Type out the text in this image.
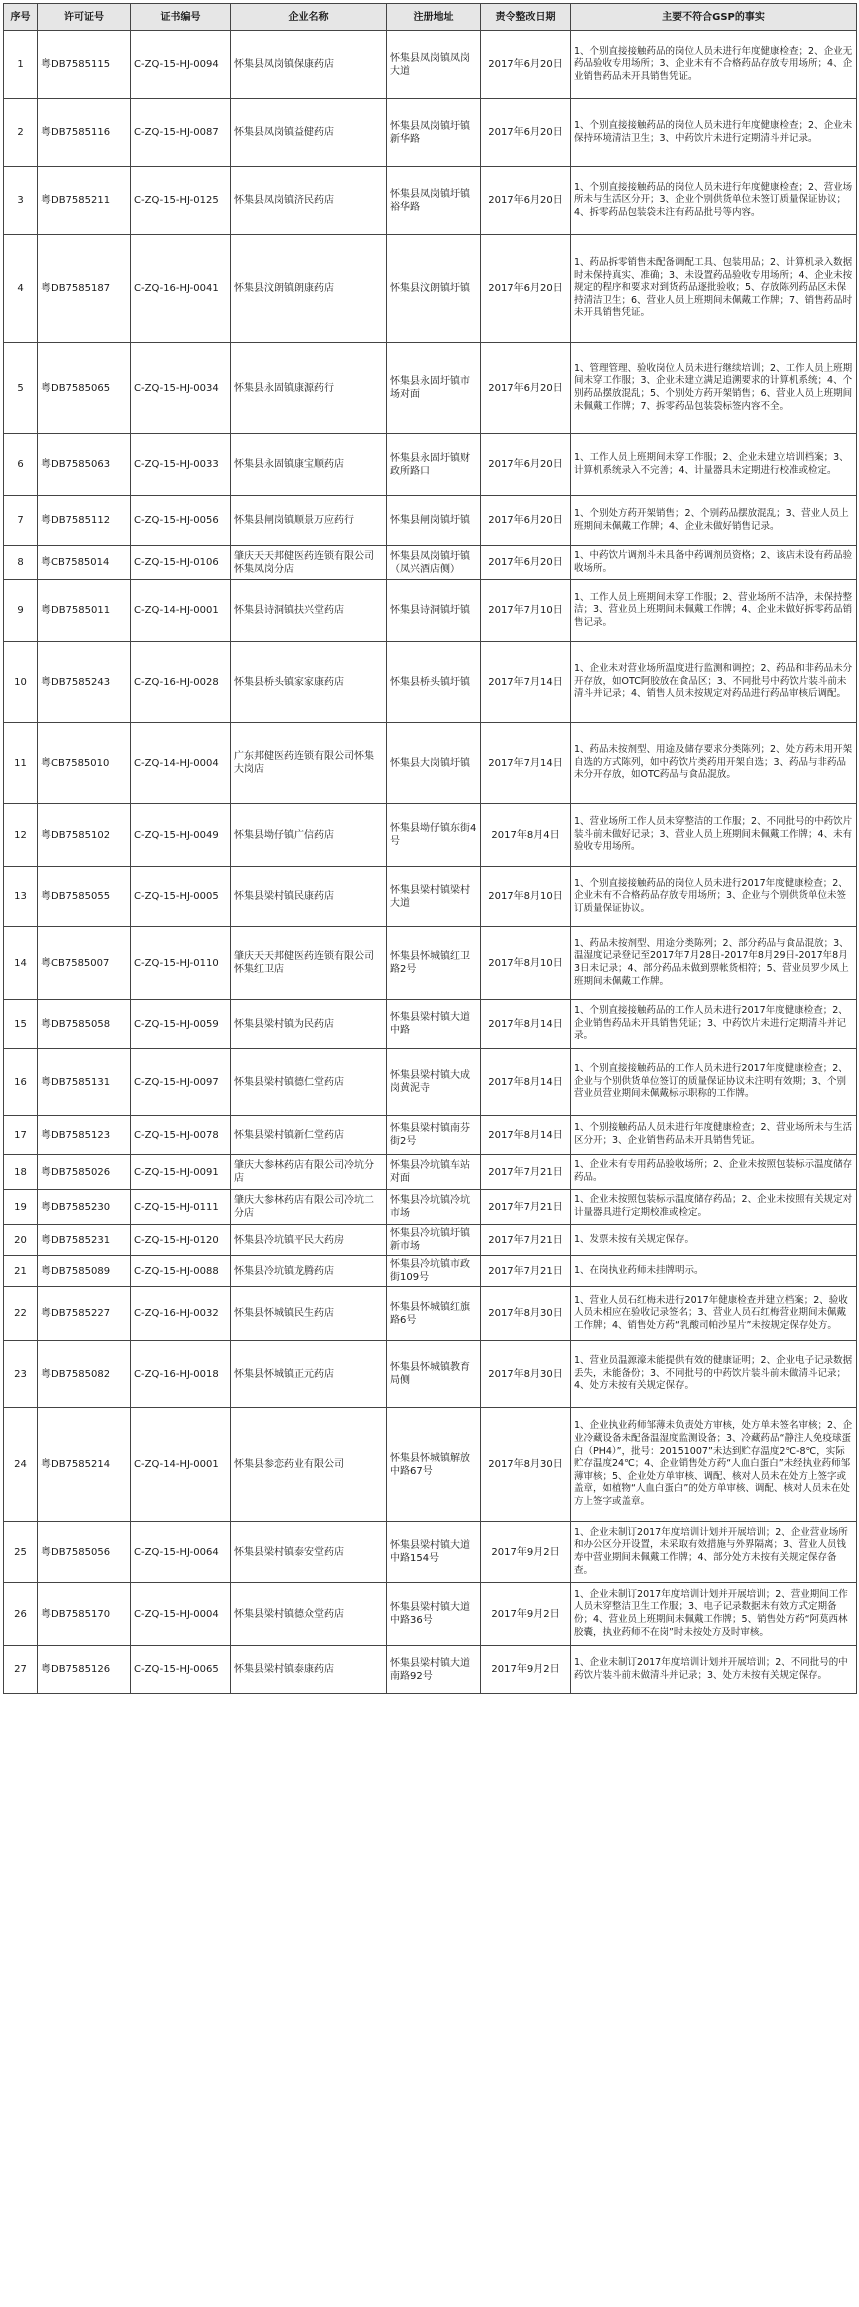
序号	许可证号	证书编号	企业名称	注册地址	责令整改日期	主要不符合GSP的事实
1	粤DB7585115	C-ZQ-15-HJ-0094	怀集县凤岗镇保康药店	怀集县凤岗镇凤岗大道	2017年6月20日	1、个别直接接触药品的岗位人员未进行年度健康检查；2、企业无药品验收专用场所；3、企业未有不合格药品存放专用场所；4、企业销售药品未开具销售凭证。
2	粤DB7585116	C-ZQ-15-HJ-0087	怀集县凤岗镇益健药店	怀集县凤岗镇圩镇新华路	2017年6月20日	1、个别直接接触药品的岗位人员未进行年度健康检查；2、企业未保持环境清洁卫生；3、中药饮片未进行定期清斗并记录。
3	粤DB7585211	C-ZQ-15-HJ-0125	怀集县凤岗镇济民药店	怀集县凤岗镇圩镇裕华路	2017年6月20日	1、个别直接接触药品的岗位人员未进行年度健康检查；2、营业场所未与生活区分开；3、企业个别供货单位未签订质量保证协议；4、拆零药品包装袋未注有药品批号等内容。
4	粤DB7585187	C-ZQ-16-HJ-0041	怀集县汶朗镇朗康药店	怀集县汶朗镇圩镇	2017年6月20日	1、药品拆零销售未配备调配工具、包装用品；2、计算机录入数据时未保持真实、准确；3、未设置药品验收专用场所；4、企业未按规定的程序和要求对到货药品逐批验收；5、存放陈列药品区未保持清洁卫生；6、营业人员上班期间未佩戴工作牌；7、销售药品时未开具销售凭证。
5	粤DB7585065	C-ZQ-15-HJ-0034	怀集县永固镇康源药行	怀集县永固圩镇市场对面	2017年6月20日	1、管理管理、验收岗位人员未进行继续培训；2、工作人员上班期间未穿工作服；3、企业未建立满足追溯要求的计算机系统；4、个别药品摆放混乱；5、个别处方药开架销售；6、营业人员上班期间未佩戴工作牌；7、拆零药品包装袋标签内容不全。
6	粤DB7585063	C-ZQ-15-HJ-0033	怀集县永固镇康宝顺药店	怀集县永固圩镇财政所路口	2017年6月20日	1、工作人员上班期间未穿工作服；2、企业未建立培训档案；3、计算机系统录入不完善；4、计量器具未定期进行校准或检定。
7	粤DB7585112	C-ZQ-15-HJ-0056	怀集县闸岗镇顺景万应药行	怀集县闸岗镇圩镇	2017年6月20日	1、个别处方药开架销售；2、个别药品摆放混乱；3、营业人员上班期间未佩戴工作牌；4、企业未做好销售记录。
8	粤CB7585014	C-ZQ-15-HJ-0106	肇庆天天邦健医药连锁有限公司怀集凤岗分店	怀集县凤岗镇圩镇（凤兴酒店侧）	2017年6月20日	1、中药饮片调剂斗未具备中药调剂员资格；2、该店未设有药品验收场所。
9	粤DB7585011	C-ZQ-14-HJ-0001	怀集县诗洞镇扶兴堂药店	怀集县诗洞镇圩镇	2017年7月10日	1、工作人员上班期间未穿工作服；2、营业场所不洁净，未保持整洁；3、营业员上班期间未佩戴工作牌；4、企业未做好拆零药品销售记录。
10	粤DB7585243	C-ZQ-16-HJ-0028	怀集县桥头镇家家康药店	怀集县桥头镇圩镇	2017年7月14日	1、企业未对营业场所温度进行监测和调控；2、药品和非药品未分开存放，如OTC阿胶放在食品区；3、不同批号中药饮片装斗前未清斗并记录；4、销售人员未按规定对药品进行药品审核后调配。
11	粤CB7585010	C-ZQ-14-HJ-0004	广东邦健医药连锁有限公司怀集大岗店	怀集县大岗镇圩镇	2017年7月14日	1、药品未按剂型、用途及储存要求分类陈列；2、处方药未用开架自选的方式陈列，如中药饮片类药用开架自选；3、药品与非药品未分开存放，如OTC药品与食品混放。
12	粤DB7585102	C-ZQ-15-HJ-0049	怀集县坳仔镇广信药店	怀集县坳仔镇东街4号	2017年8月4日	1、营业场所工作人员未穿整洁的工作服；2、不同批号的中药饮片装斗前未做好记录；3、营业人员上班期间未佩戴工作牌；4、未有验收专用场所。
13	粤DB7585055	C-ZQ-15-HJ-0005	怀集县梁村镇民康药店	怀集县梁村镇梁村大道	2017年8月10日	1、个别直接接触药品的岗位人员未进行2017年度健康检查；2、企业未有不合格药品存放专用场所；3、企业与个别供货单位未签订质量保证协议。
14	粤CB7585007	C-ZQ-15-HJ-0110	肇庆天天邦健医药连锁有限公司怀集红卫店	怀集县怀城镇红卫路2号	2017年8月10日	1、药品未按剂型、用途分类陈列；2、部分药品与食品混放；3、温湿度记录登记至2017年7月28日-2017年8月29日-2017年8月3日未记录；4、部分药品未做到票帐货相符；5、营业员罗少凤上班期间未佩戴工作牌。
15	粤DB7585058	C-ZQ-15-HJ-0059	怀集县梁村镇为民药店	怀集县梁村镇大道中路	2017年8月14日	1、个别直接接触药品的工作人员未进行2017年度健康检查；2、企业销售药品未开具销售凭证；3、中药饮片未进行定期清斗并记录。
16	粤DB7585131	C-ZQ-15-HJ-0097	怀集县梁村镇德仁堂药店	怀集县梁村镇大成岗黄泥寺	2017年8月14日	1、个别直接接触药品的工作人员未进行2017年度健康检查；2、企业与个别供货单位签订的质量保证协议未注明有效期；3、个别营业员营业期间未佩戴标示职称的工作牌。
17	粤DB7585123	C-ZQ-15-HJ-0078	怀集县梁村镇新仁堂药店	怀集县梁村镇南芬街2号	2017年8月14日	1、个别接触药品人员未进行年度健康检查；2、营业场所未与生活区分开；3、企业销售药品未开具销售凭证。
18	粤DB7585026	C-ZQ-15-HJ-0091	肇庆大参林药店有限公司冷坑分店	怀集县冷坑镇车站对面	2017年7月21日	1、企业未有专用药品验收场所；2、企业未按照包装标示温度储存药品。
19	粤DB7585230	C-ZQ-15-HJ-0111	肇庆大参林药店有限公司冷坑二分店	怀集县冷坑镇冷坑市场	2017年7月21日	1、企业未按照包装标示温度储存药品；2、企业未按照有关规定对计量器具进行定期校准或检定。
20	粤DB7585231	C-ZQ-15-HJ-0120	怀集县冷坑镇平民大药房	怀集县冷坑镇圩镇新市场	2017年7月21日	1、发票未按有关规定保存。
21	粤DB7585089	C-ZQ-15-HJ-0088	怀集县冷坑镇龙腾药店	怀集县冷坑镇市政街109号	2017年7月21日	1、在岗执业药师未挂牌明示。
22	粤DB7585227	C-ZQ-16-HJ-0032	怀集县怀城镇民生药店	怀集县怀城镇红旗路6号	2017年8月30日	1、营业人员石红梅未进行2017年健康检查并建立档案；2、验收人员未相应在验收记录签名；3、营业人员石红梅营业期间未佩戴工作牌；4、销售处方药“乳酸司帕沙星片”未按规定保存处方。
23	粤DB7585082	C-ZQ-16-HJ-0018	怀集县怀城镇正元药店	怀集县怀城镇教育局侧	2017年8月30日	1、营业员温源濠未能提供有效的健康证明；2、企业电子记录数据丢失，未能备份；3、不同批号的中药饮片装斗前未做清斗记录；4、处方未按有关规定保存。
24	粤DB7585214	C-ZQ-14-HJ-0001	怀集县参恋药业有限公司	怀集县怀城镇解放中路67号	2017年8月30日	1、企业执业药师邹薄未负责处方审核，处方单未签名审核；2、企业冷藏设备未配备温湿度监测设备；3、冷藏药品“静注人免疫球蛋白（PH4）”，批号：20151007”未达到贮存温度2℃-8℃，实际贮存温度24℃；4、企业销售处方药“人血白蛋白”未经执业药师邹薄审核；5、企业处方单审核、调配、核对人员未在处方上签字或盖章，如植物“人血白蛋白”的处方单审核、调配、核对人员未在处方上签字或盖章。
25	粤DB7585056	C-ZQ-15-HJ-0064	怀集县梁村镇泰安堂药店	怀集县梁村镇大道中路154号	2017年9月2日	1、企业未制订2017年度培训计划并开展培训；2、企业营业场所和办公区分开设置，未采取有效措施与外界隔离；3、营业人员钱寿中营业期间未佩戴工作牌；4、部分处方未按有关规定保存备查。
26	粤DB7585170	C-ZQ-15-HJ-0004	怀集县梁村镇德众堂药店	怀集县梁村镇大道中路36号	2017年9月2日	1、企业未制订2017年度培训计划并开展培训；2、营业期间工作人员未穿整洁卫生工作服；3、电子记录数据未有效方式定期备份；4、营业员上班期间未佩戴工作牌；5、销售处方药“阿莫西林胶囊，执业药师不在岗”时未按处方及时审核。
27	粤DB7585126	C-ZQ-15-HJ-0065	怀集县梁村镇泰康药店	怀集县梁村镇大道南路92号	2017年9月2日	1、企业未制订2017年度培训计划并开展培训；2、不同批号的中药饮片装斗前未做清斗并记录；3、处方未按有关规定保存。
